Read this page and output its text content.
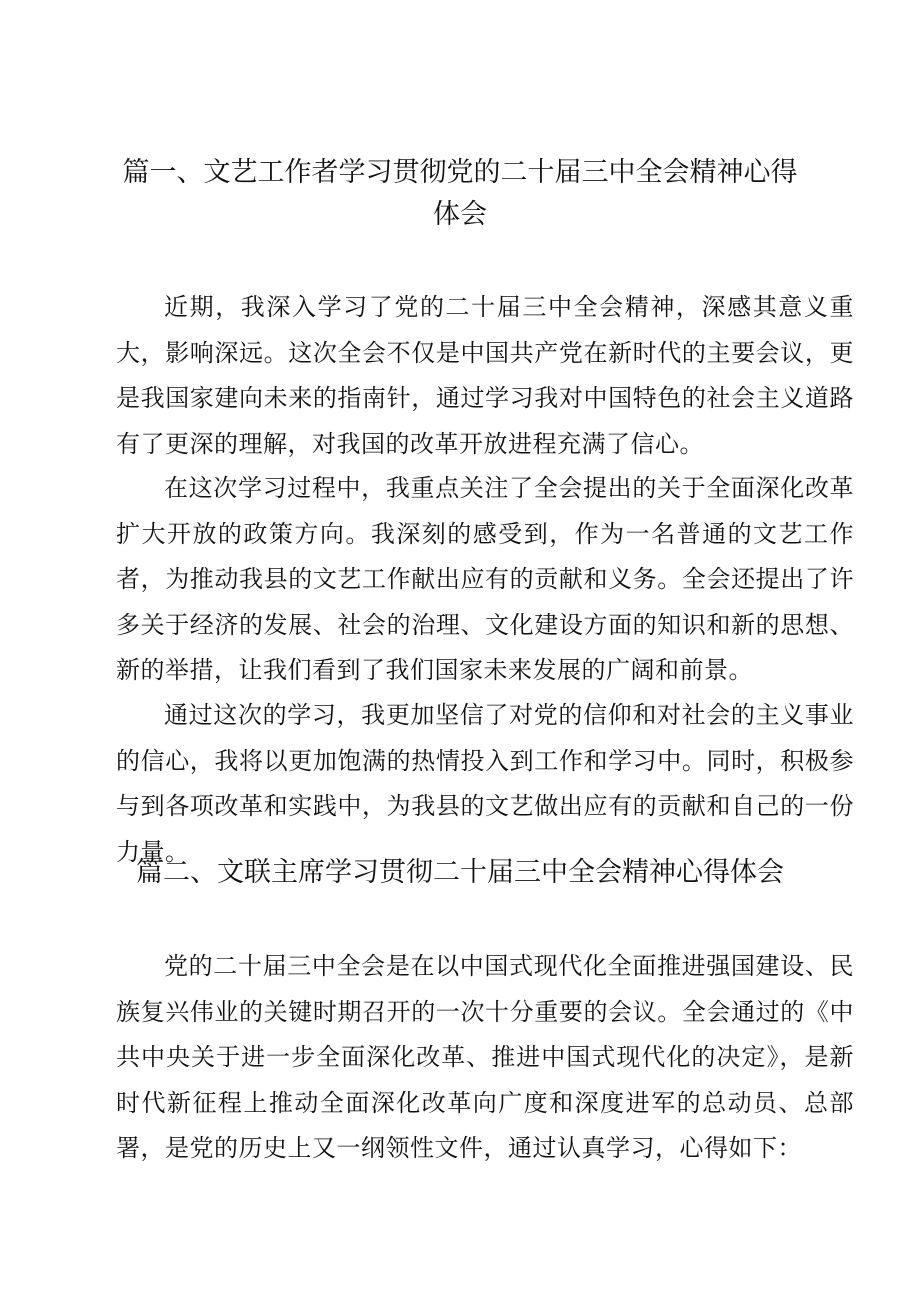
篇一、文艺工作者学习贯彻党的二十届三中全会精神心得
体会

近期，我深入学习了党的二十届三中全会精神，深感其意义重大，影响深远。这次全会不仅是中国共产党在新时代的主要会议，更是我国家建向未来的指南针，通过学习我对中国特色的社会主义道路有了更深的理解，对我国的改革开放进程充满了信心。

在这次学习过程中，我重点关注了全会提出的关于全面深化改革扩大开放的政策方向。我深刻的感受到，作为一名普通的文艺工作者，为推动我县的文艺工作献出应有的贡献和义务。全会还提出了许多关于经济的发展、社会的治理、文化建设方面的知识和新的思想、新的举措，让我们看到了我们国家未来发展的广阔和前景。

通过这次的学习，我更加坚信了对党的信仰和对社会的主义事业的信心，我将以更加饱满的热情投入到工作和学习中。同时，积极参与到各项改革和实践中，为我县的文艺做出应有的贡献和自己的一份力量。

篇二、文联主席学习贯彻二十届三中全会精神心得体会

党的二十届三中全会是在以中国式现代化全面推进强国建设、民族复兴伟业的关键时期召开的一次十分重要的会议。全会通过的《中共中央关于进一步全面深化改革、推进中国式现代化的决定》，是新时代新征程上推动全面深化改革向广度和深度进军的总动员、总部署，是党的历史上又一纲领性文件，通过认真学习，心得如下：
